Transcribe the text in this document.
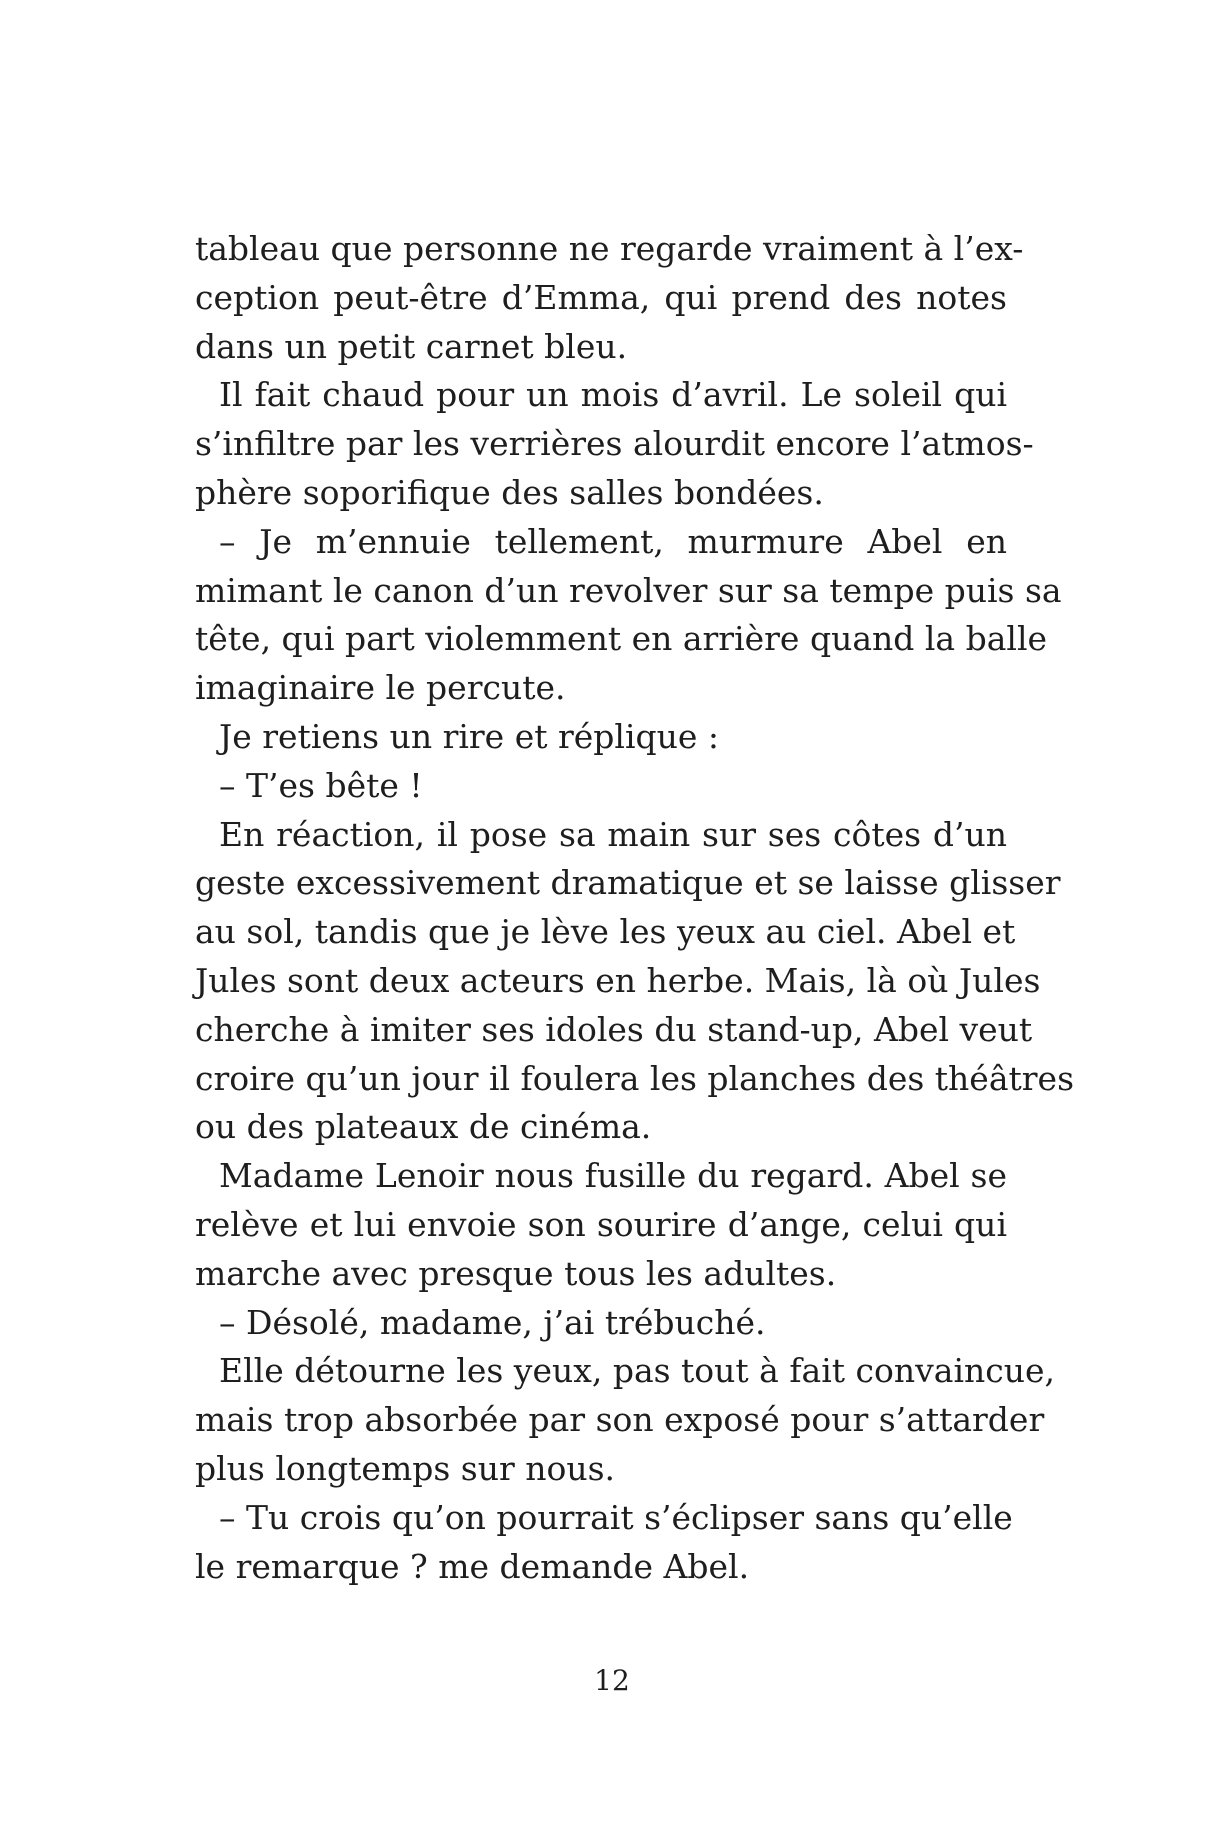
tableau que personne ne regarde vraiment à l’ex-
ception peut-être d’Emma, qui prend des notes
dans un petit carnet bleu.

Il fait chaud pour un mois d’avril. Le soleil qui
s’infiltre par les verrières alourdit encore l’atmos-
phère soporifique des salles bondées.

– Je m’ennuie tellement, murmure Abel en
mimant le canon d’un revolver sur sa tempe puis sa
tête, qui part violemment en arrière quand la balle
imaginaire le percute.

Je retiens un rire et réplique :

– T’es bête !

En réaction, il pose sa main sur ses côtes d’un
geste excessivement dramatique et se laisse glisser
au sol, tandis que je lève les yeux au ciel. Abel et
Jules sont deux acteurs en herbe. Mais, là où Jules
cherche à imiter ses idoles du stand-up, Abel veut
croire qu’un jour il foulera les planches des théâtres
ou des plateaux de cinéma.

Madame Lenoir nous fusille du regard. Abel se
relève et lui envoie son sourire d’ange, celui qui
marche avec presque tous les adultes.

– Désolé, madame, j’ai trébuché.

Elle détourne les yeux, pas tout à fait convaincue,
mais trop absorbée par son exposé pour s’attarder
plus longtemps sur nous.

– Tu crois qu’on pourrait s’éclipser sans qu’elle
le remarque ? me demande Abel.

12
